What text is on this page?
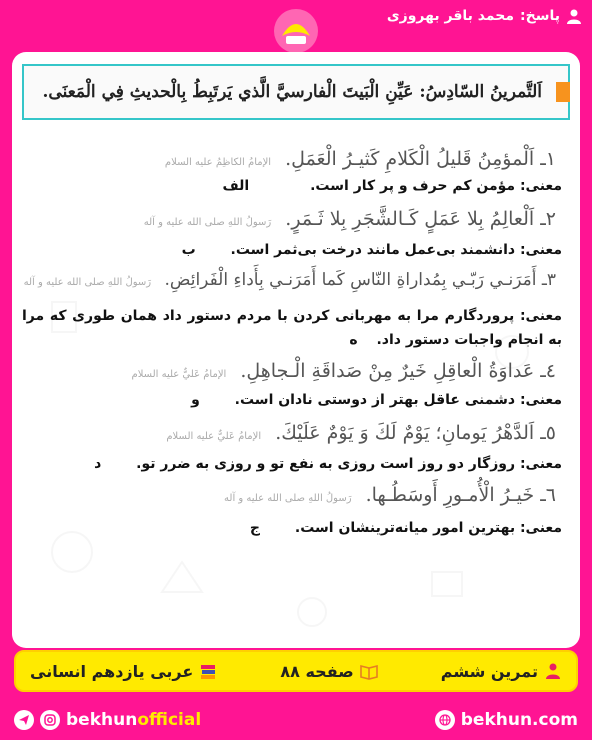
پاسخ:
محمد باقر بهروزی
اَلتَّمرينُ السّادِسُ: عَيِّنِ الْبَيتَ الْفارسيَّ الَّذي يَرتَبِطُ بِالْحديثِ فِي الْمَعنَى.
١ـ اَلْمؤمِنُ قَليلُ الْكَلامِ كَثيـرُ الْعَمَلِ. الإمامُ الكاظِمُ عليه السلام
معنی: مؤمن کم حرف و پر کار است. الف
٢ـ اَلْعالِمُ بِلا عَمَلٍ كَـالشَّجَرِ بِلا ثَـمَرٍ. رَسولُ اللهِ صلی الله علیه و آله
معنی: دانشمند بی‌عمل مانند درخت بی‌ثمر است. ب
٣ـ أَمَرَنـي رَبّـي بِمُداراةِ النّاسِ كَما أَمَرَنـي بِأَداءِ الْفَرائِضِ. رَسولُ اللهِ صلی الله علیه و آله
معنی: پروردگارم مرا به مهربانی کردن با مردم دستور داد همان طوری که مرا به انجام واجبات دستور داد. ه
٤ـ عَداوَةُ الْعاقِلِ خَيرٌ مِنْ صَداقَةِ الْـجاهِلِ. الإمامُ عَليٌّ عليه السلام
معنی: دشمنی عاقل بهتر از دوستی نادان است. و
٥ـ اَلدَّهْرُ يَومانِ؛ يَوْمٌ لَكَ وَ يَوْمٌ عَلَيْكَ. الإمامُ عَليٌّ عليه السلام
معنی: روزگار دو روز است روزی به نفع تو و روزی به ضرر تو. د
٦ـ خَيـرُ الْأُمـورِ أَوسَطُـها. رَسولُ اللهِ صلی الله علیه و آله
معنی: بهترین امور میانه‌ترینشان است. ج
تمرین ششم
صفحه ۸۸
عربی یازدهم انسانی
bekhunofficial	bekhun.com
